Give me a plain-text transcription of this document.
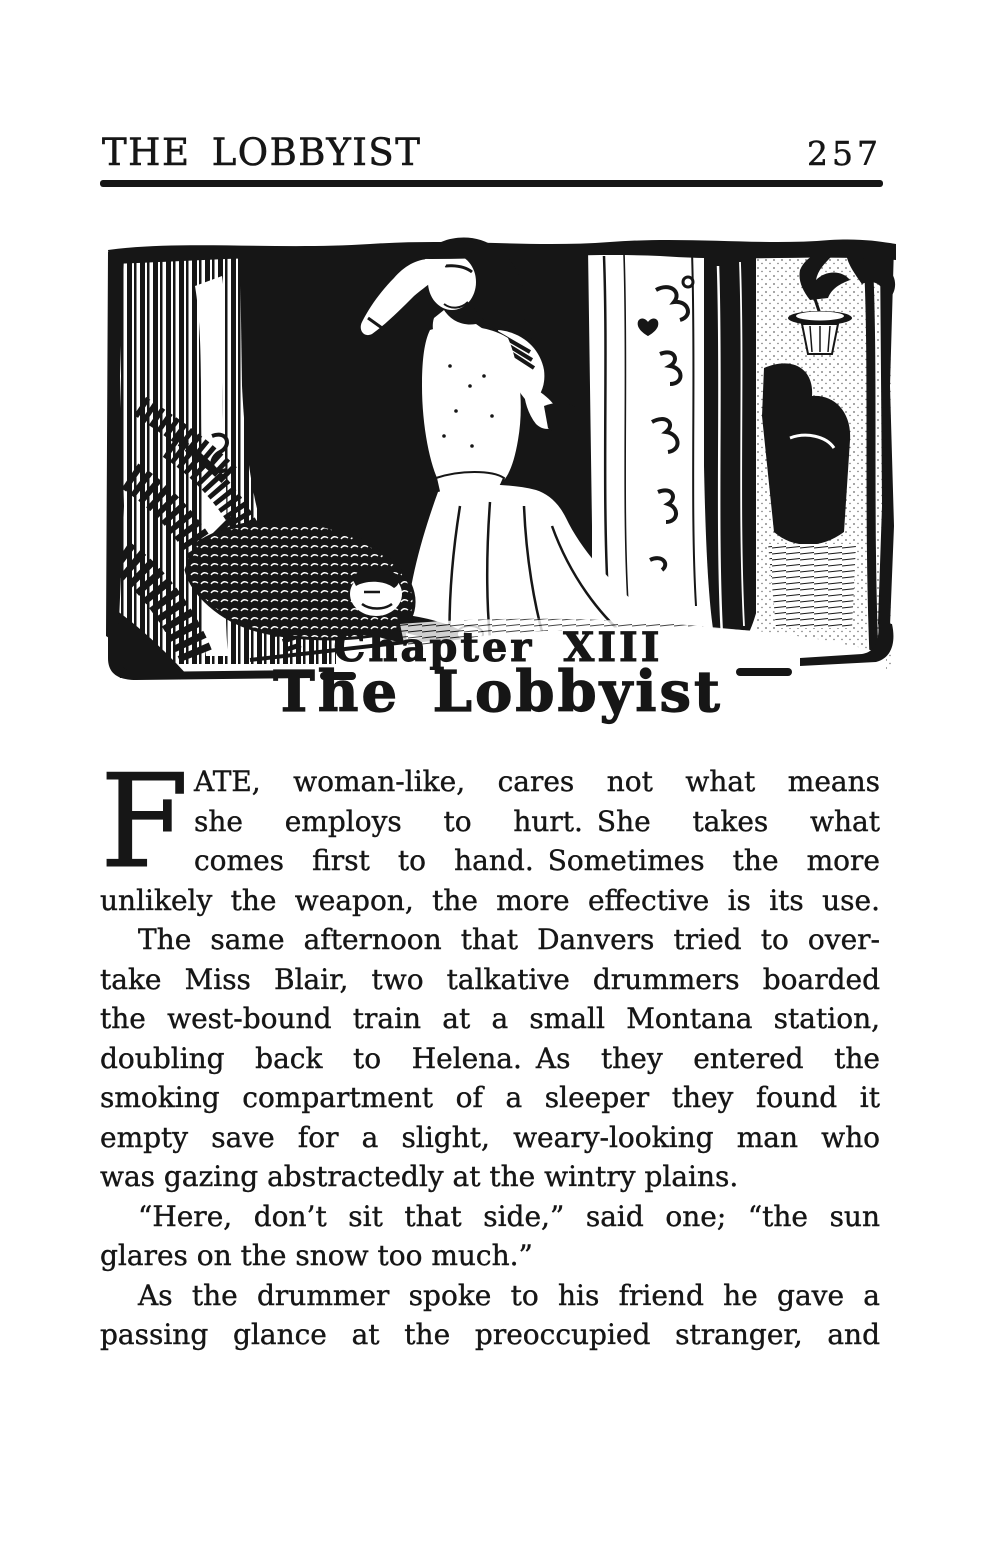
THE LOBBYIST	257
Chapter XIII
The Lobbyist
F ATE, woman-like, cares not what means
she employs to hurt. She takes what
comes first to hand. Sometimes the more
unlikely the weapon, the more effective is its use.
The same afternoon that Danvers tried to over-
take Miss Blair, two talkative drummers boarded
the west-bound train at a small Montana station,
doubling back to Helena. As they entered the
smoking compartment of a sleeper they found it
empty save for a slight, weary-looking man who
was gazing abstractedly at the wintry plains.
“Here, don’t sit that side,” said one; “the sun
glares on the snow too much.”
As the drummer spoke to his friend he gave a
passing glance at the preoccupied stranger, and
